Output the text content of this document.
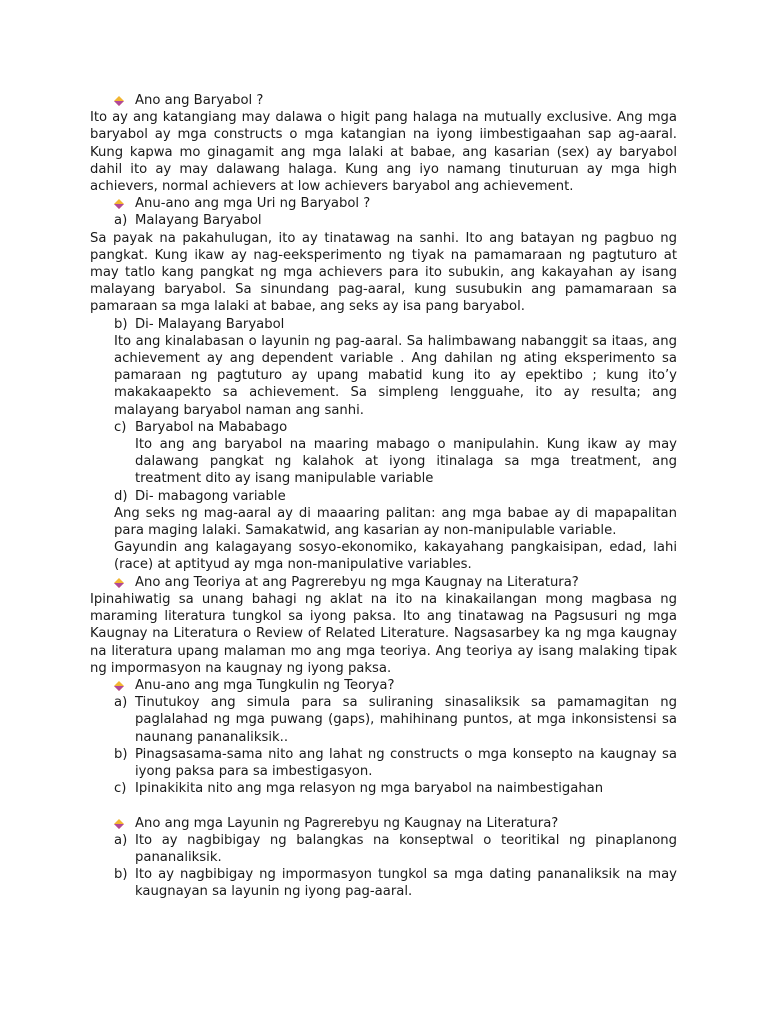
Ano ang Baryabol ?

Ito ay ang katangiang may dalawa o higit pang halaga na mutually exclusive. Ang mga baryabol ay mga constructs o mga katangian na iyong iimbestigaahan sap ag-aaral. Kung kapwa mo ginagamit ang mga lalaki at babae, ang kasarian (sex) ay baryabol dahil ito ay may dalawang halaga. Kung ang iyo namang tinuturuan ay mga high achievers, normal achievers at low achievers baryabol ang achievement.

Anu-ano ang mga Uri ng Baryabol ?

a) Malayang Baryabol

Sa payak na pakahulugan, ito ay tinatawag na sanhi. Ito ang batayan ng pagbuo ng pangkat. Kung ikaw ay nag-eeksperimento ng tiyak na pamamaraan ng pagtuturo at may tatlo kang pangkat ng mga achievers para ito subukin, ang kakayahan ay isang malayang baryabol. Sa sinundang pag-aaral, kung susubukin ang pamamaraan sa pamaraan sa mga lalaki at babae, ang seks ay isa pang baryabol.

b) Di- Malayang Baryabol

Ito ang kinalabasan o layunin ng pag-aaral. Sa halimbawang nabanggit sa itaas, ang achievement ay ang dependent variable . Ang dahilan ng ating eksperimento sa pamaraan ng pagtuturo ay upang mabatid kung ito ay epektibo ; kung ito’y makakaapekto sa achievement. Sa simpleng lengguahe, ito ay resulta; ang malayang baryabol naman ang sanhi.

c) Baryabol na Mababago

Ito ang ang baryabol na maaring mabago o manipulahin. Kung ikaw ay may dalawang pangkat ng kalahok at iyong itinalaga sa mga treatment, ang treatment dito ay isang manipulable variable

d) Di- mabagong variable

Ang seks ng mag-aaral ay di maaaring palitan: ang mga babae ay di mapapalitan para maging lalaki. Samakatwid, ang kasarian ay non-manipulable variable.

Gayundin ang kalagayang sosyo-ekonomiko, kakayahang pangkaisipan, edad, lahi (race) at aptityud ay mga non-manipulative variables.

Ano ang Teoriya at ang Pagrerebyu ng mga Kaugnay na Literatura?

Ipinahiwatig sa unang bahagi ng aklat na ito na kinakailangan mong magbasa ng maraming literatura tungkol sa iyong paksa. Ito ang tinatawag na Pagsusuri ng mga Kaugnay na Literatura o Review of Related Literature. Nagsasarbey ka ng mga kaugnay na literatura upang malaman mo ang mga teoriya. Ang teoriya ay isang malaking tipak ng impormasyon na kaugnay ng iyong paksa.

Anu-ano ang mga Tungkulin ng Teorya?

a) Tinutukoy ang simula para sa suliraning sinasaliksik sa pamamagitan ng paglalahad ng mga puwang (gaps), mahihinang puntos, at mga inkonsistensi sa naunang pananaliksik..

b) Pinagsasama-sama nito ang lahat ng constructs o mga konsepto na kaugnay sa iyong paksa para sa imbestigasyon.

c) Ipinakikita nito ang mga relasyon ng mga baryabol na naimbestigahan

Ano ang mga Layunin ng Pagrerebyu ng Kaugnay na Literatura?

a) Ito ay nagbibigay ng balangkas na konseptwal o teoritikal ng pinaplanong pananaliksik.

b) Ito ay nagbibigay ng impormasyon tungkol sa mga dating pananaliksik na may kaugnayan sa layunin ng iyong pag-aaral.
